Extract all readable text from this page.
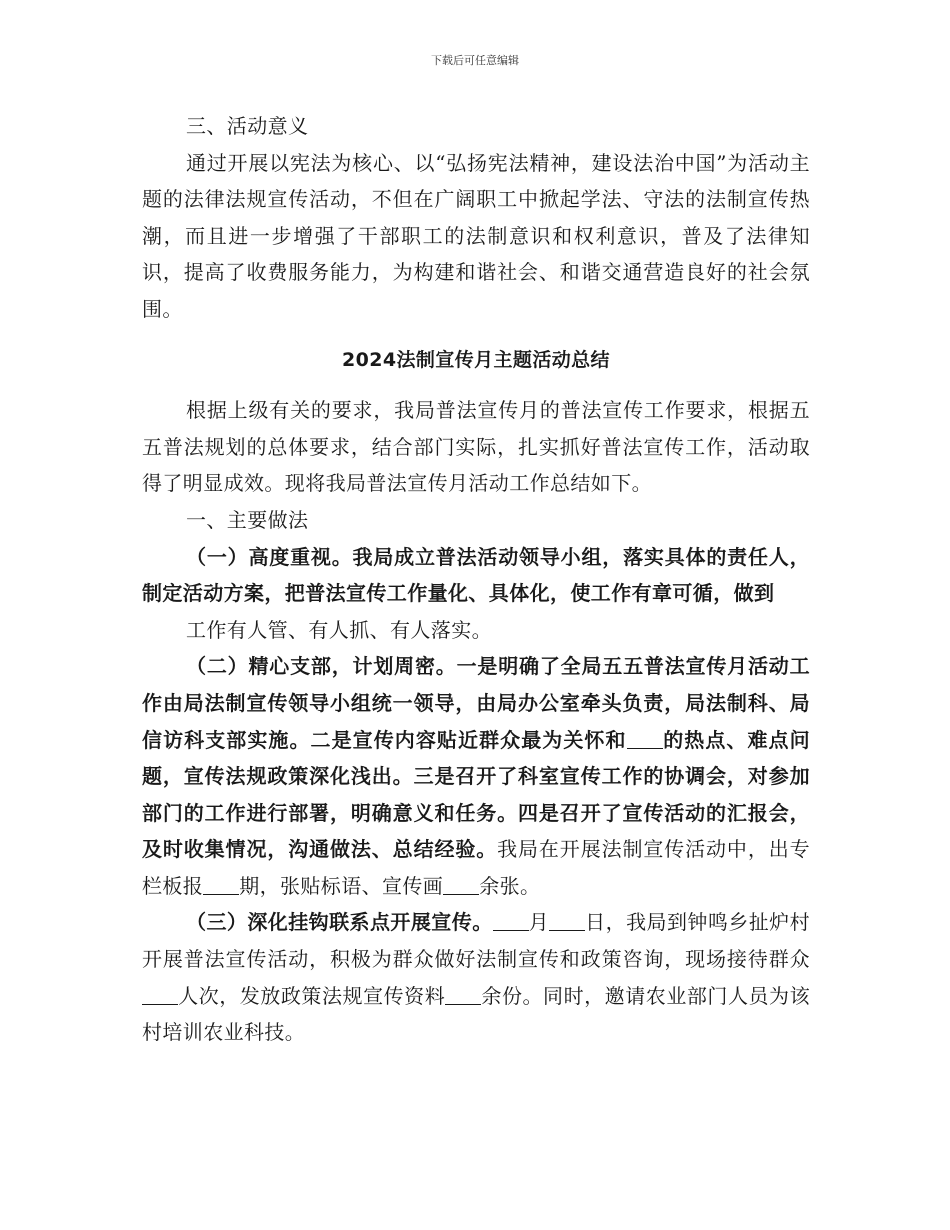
下载后可任意编辑
三、活动意义

通过开展以宪法为核心、以“弘扬宪法精神，建设法治中国”为活动主题的法律法规宣传活动，不但在广阔职工中掀起学法、守法的法制宣传热潮，而且进一步增强了干部职工的法制意识和权利意识，普及了法律知识，提高了收费服务能力，为构建和谐社会、和谐交通营造良好的社会氛围。

2024法制宣传月主题活动总结

根据上级有关的要求，我局普法宣传月的普法宣传工作要求，根据五五普法规划的总体要求，结合部门实际，扎实抓好普法宣传工作，活动取得了明显成效。现将我局普法宣传月活动工作总结如下。

一、主要做法

（一）高度重视。我局成立普法活动领导小组，落实具体的责任人，制定活动方案，把普法宣传工作量化、具体化，使工作有章可循，做到

工作有人管、有人抓、有人落实。

（二）精心支部，计划周密。一是明确了全局五五普法宣传月活动工作由局法制宣传领导小组统一领导，由局办公室牵头负责，局法制科、局信访科支部实施。二是宣传内容贴近群众最为关怀和 的热点、难点问题，宣传法规政策深化浅出。三是召开了科室宣传工作的协调会，对参加部门的工作进行部署，明确意义和任务。四是召开了宣传活动的汇报会，及时收集情况，沟通做法、总结经验。我局在开展法制宣传活动中，出专栏板报 期，张贴标语、宣传画 余张。

（三）深化挂钩联系点开展宣传。 月 日，我局到钟鸣乡扯炉村开展普法宣传活动，积极为群众做好法制宣传和政策咨询，现场接待群众人次，发放政策法规宣传资料 余份。同时，邀请农业部门人员为该村培训农业科技。
